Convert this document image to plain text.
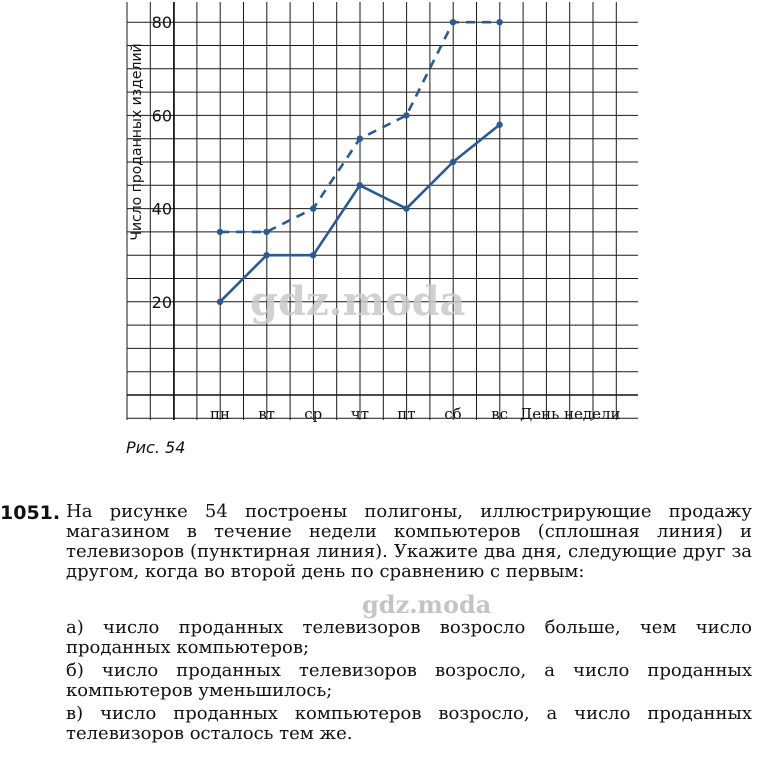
20
40
60
80
пн вт ср чт пт сб вс
Число проданных изделий
День недели
gdz.moda
Рис. 54
1051. На рисунке 54 построены полигоны, иллюстрирующие продажу магазином в течение недели компьютеров (сплошная линия) и телевизоров (пунктирная линия). Укажите два дня, следующие друг за другом, когда во второй день по сравнению с первым:

а) число проданных телевизоров возросло больше, чем число проданных компьютеров;
б) число проданных телевизоров возросло, а число проданных компьютеров уменьшилось;
в) число проданных компьютеров возросло, а число проданных телевизоров осталось тем же.
gdz.moda
